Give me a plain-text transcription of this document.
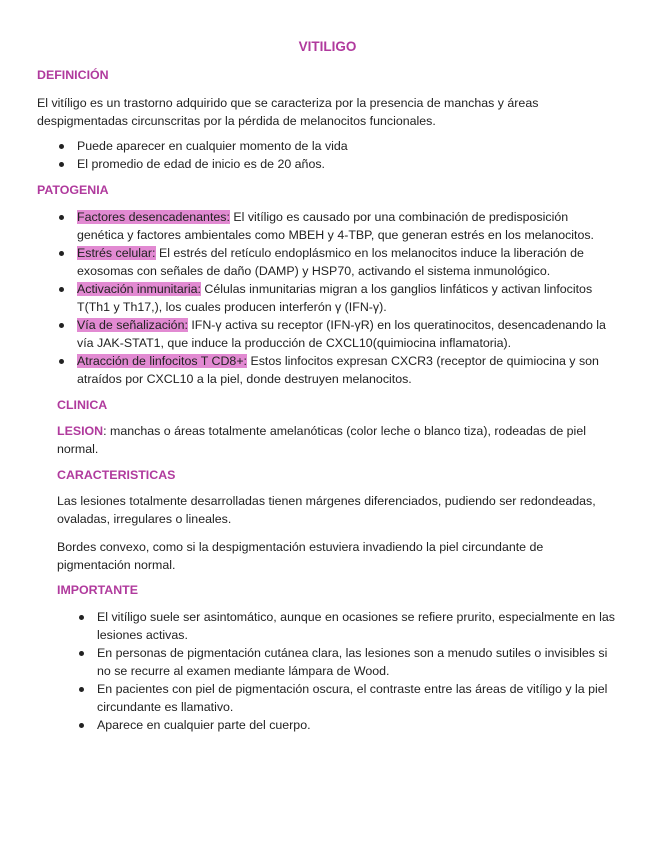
VITILIGO
DEFINICIÓN

El vitíligo es un trastorno adquirido que se caracteriza por la presencia de manchas y áreas despigmentadas circunscritas por la pérdida de melanocitos funcionales.

Puede aparecer en cualquier momento de la vida
El promedio de edad de inicio es de 20 años.
PATOGENIA
Factores desencadenantes: El vitíligo es causado por una combinación de predisposición genética y factores ambientales como MBEH y 4-TBP, que generan estrés en los melanocitos.
Estrés celular: El estrés del retículo endoplásmico en los melanocitos induce la liberación de exosomas con señales de daño (DAMP) y HSP70, activando el sistema inmunológico.
Activación inmunitaria: Células inmunitarias migran a los ganglios linfáticos y activan linfocitos T(Th1 y Th17,), los cuales producen interferón γ (IFN-γ).
Vía de señalización: IFN-γ activa su receptor (IFN-γR) en los queratinocitos, desencadenando la vía JAK-STAT1, que induce la producción de CXCL10(quimiocina inflamatoria).
Atracción de linfocitos T CD8+: Estos linfocitos expresan CXCR3 (receptor de quimiocina y son atraídos por CXCL10 a la piel, donde destruyen melanocitos.
CLINICA

LESION: manchas o áreas totalmente amelanóticas (color leche o blanco tiza), rodeadas de piel normal.

CARACTERISTICAS

Las lesiones totalmente desarrolladas tienen márgenes diferenciados, pudiendo ser redondeadas, ovaladas, irregulares o lineales.

Bordes convexo, como si la despigmentación estuviera invadiendo la piel circundante de pigmentación normal.

IMPORTANTE
El vitíligo suele ser asintomático, aunque en ocasiones se refiere prurito, especialmente en las lesiones activas.
En personas de pigmentación cutánea clara, las lesiones son a menudo sutiles o invisibles si no se recurre al examen mediante lámpara de Wood.
En pacientes con piel de pigmentación oscura, el contraste entre las áreas de vitíligo y la piel circundante es llamativo.
Aparece en cualquier parte del cuerpo.
